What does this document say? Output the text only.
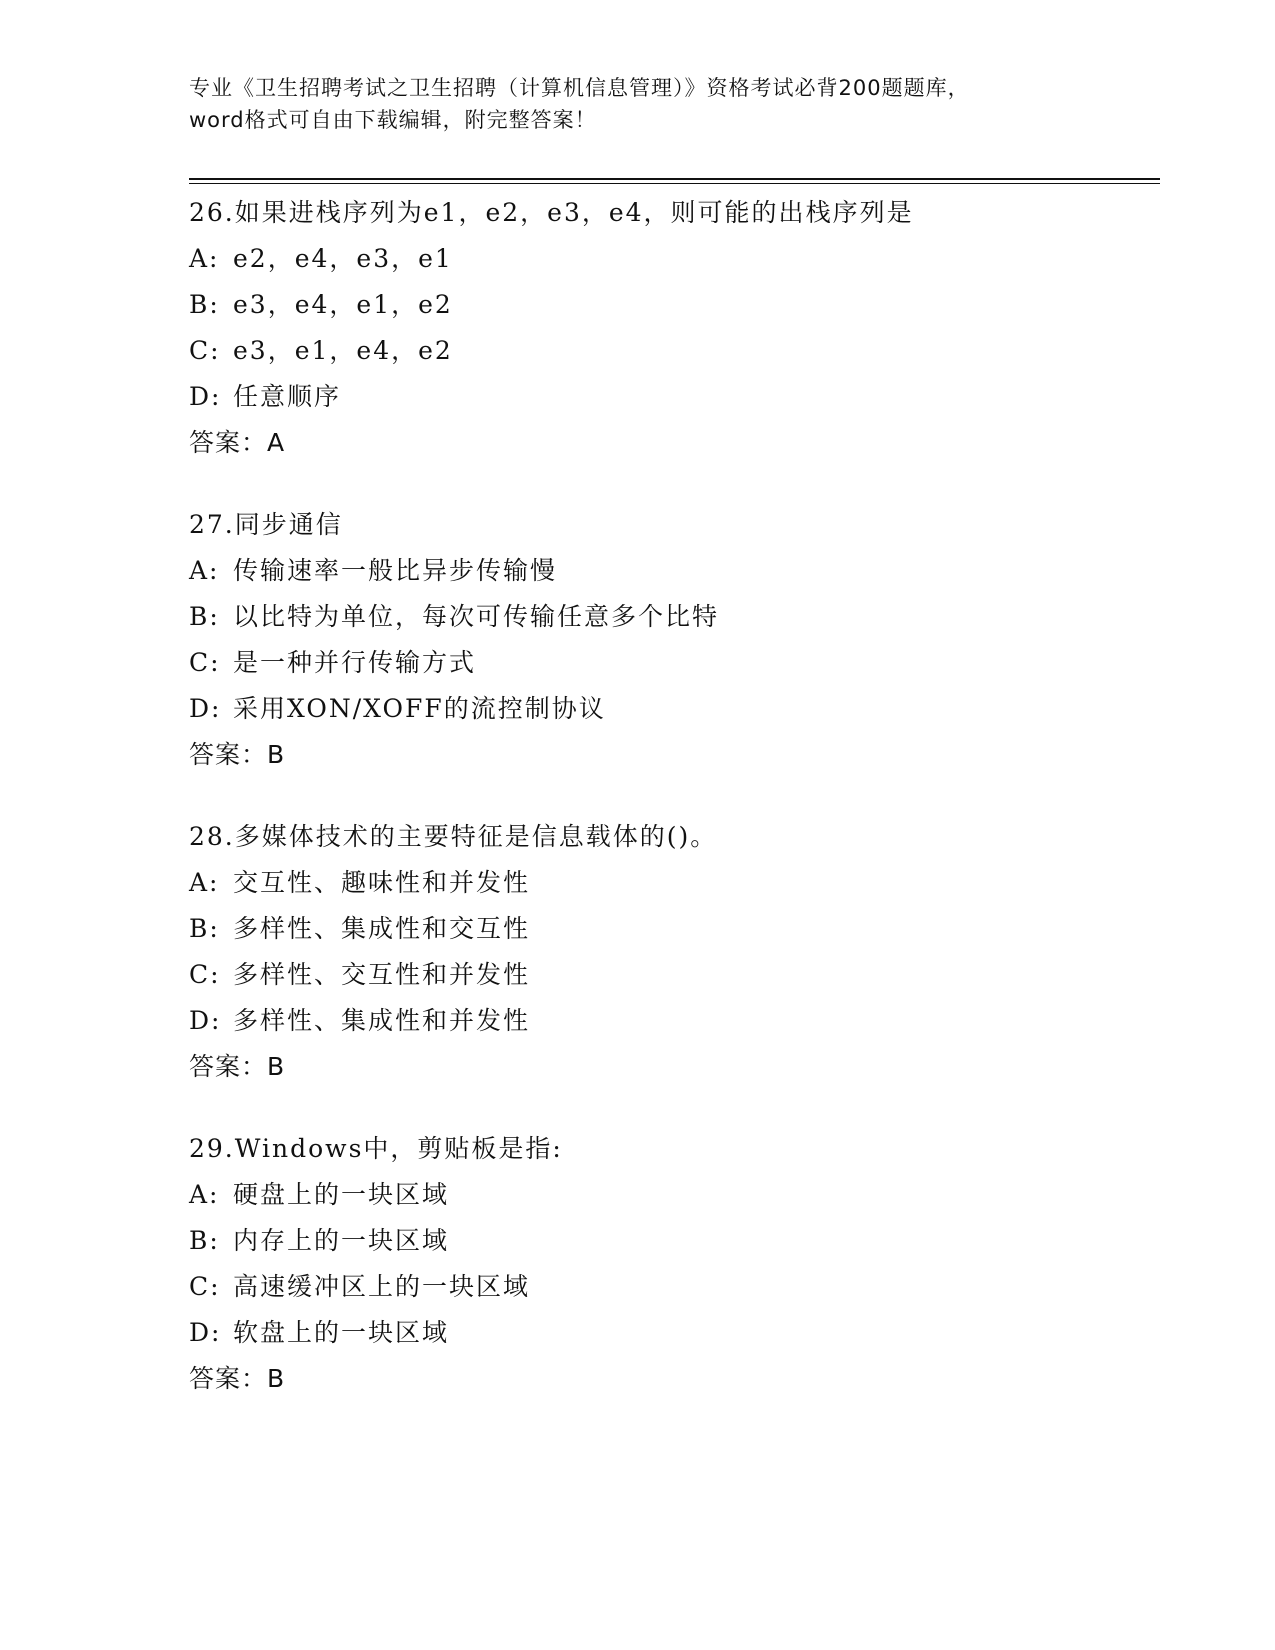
专业《卫生招聘考试之卫生招聘（计算机信息管理）》资格考试必背200题题库，
word格式可自由下载编辑，附完整答案！
26.如果进栈序列为e1，e2，e3，e4，则可能的出栈序列是
A: e2，e4，e3，e1
B: e3，e4，e1，e2
C: e3，e1，e4，e2
D: 任意顺序
答案：A
27.同步通信
A: 传输速率一般比异步传输慢
B: 以比特为单位，每次可传输任意多个比特
C: 是一种并行传输方式
D: 采用XON/XOFF的流控制协议
答案：B
28.多媒体技术的主要特征是信息载体的()。
A: 交互性、趣味性和并发性
B: 多样性、集成性和交互性
C: 多样性、交互性和并发性
D: 多样性、集成性和并发性
答案：B
29.Windows中，剪贴板是指:
A: 硬盘上的一块区域
B: 内存上的一块区域
C: 高速缓冲区上的一块区域
D: 软盘上的一块区域
答案：B
